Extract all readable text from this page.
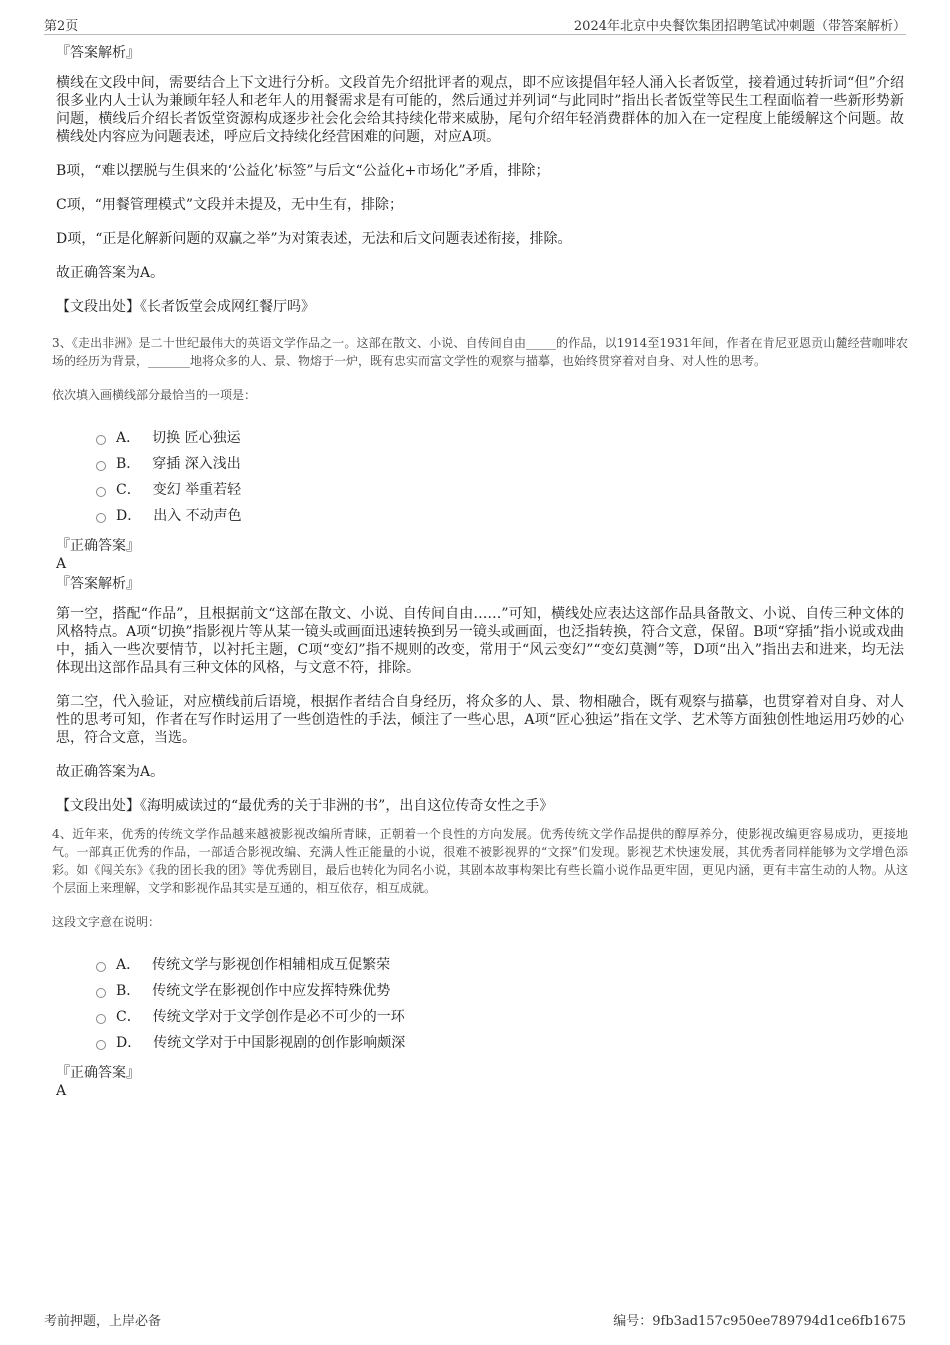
第2页	2024年北京中央餐饮集团招聘笔试冲刺题（带答案解析）

『答案解析』

横线在文段中间，需要结合上下文进行分析。文段首先介绍批评者的观点，即不应该提倡年轻人涌入长者饭堂，接着通过转折词“但”介绍很多业内人士认为兼顾年轻人和老年人的用餐需求是有可能的，然后通过并列词“与此同时”指出长者饭堂等民生工程面临着一些新形势新问题，横线后介绍长者饭堂资源构成逐步社会化会给其持续化带来威胁，尾句介绍年轻消费群体的加入在一定程度上能缓解这个问题。故横线处内容应为问题表述，呼应后文持续化经营困难的问题，对应A项。

B项，“难以摆脱与生俱来的‘公益化’标签”与后文“公益化+市场化”矛盾，排除；

C项，“用餐管理模式”文段并未提及，无中生有，排除；

D项，“正是化解新问题的双赢之举”为对策表述，无法和后文问题表述衔接，排除。

故正确答案为A。

【文段出处】《长者饭堂会成网红餐厅吗》

3、《走出非洲》是二十世纪最伟大的英语文学作品之一。这部在散文、小说、自传间自由_____的作品，以1914至1931年间，作者在肯尼亚恩贡山麓经营咖啡农场的经历为背景，_______地将众多的人、景、物熔于一炉，既有忠实而富文学性的观察与描摹，也始终贯穿着对自身、对人性的思考。

依次填入画横线部分最恰当的一项是：

A． 切换 匠心独运
B． 穿插 深入浅出
C． 变幻 举重若轻
D． 出入 不动声色

『正确答案』

A

『答案解析』

第一空，搭配“作品”，且根据前文“这部在散文、小说、自传间自由……”可知，横线处应表达这部作品具备散文、小说、自传三种文体的风格特点。A项“切换”指影视片等从某一镜头或画面迅速转换到另一镜头或画面，也泛指转换，符合文意，保留。B项“穿插”指小说或戏曲中，插入一些次要情节，以衬托主题，C项“变幻”指不规则的改变，常用于“风云变幻”“变幻莫测”等，D项“出入”指出去和进来，均无法体现出这部作品具有三种文体的风格，与文意不符，排除。

第二空，代入验证，对应横线前后语境，根据作者结合自身经历，将众多的人、景、物相融合，既有观察与描摹，也贯穿着对自身、对人性的思考可知，作者在写作时运用了一些创造性的手法，倾注了一些心思，A项“匠心独运”指在文学、艺术等方面独创性地运用巧妙的心思，符合文意，当选。

故正确答案为A。

【文段出处】《海明威读过的“最优秀的关于非洲的书”，出自这位传奇女性之手》

4、近年来，优秀的传统文学作品越来越被影视改编所青睐，正朝着一个良性的方向发展。优秀传统文学作品提供的醇厚养分，使影视改编更容易成功，更接地气。一部真正优秀的作品，一部适合影视改编、充满人性正能量的小说，很难不被影视界的“文探”们发现。影视艺术快速发展，其优秀者同样能够为文学增色添彩。如《闯关东》《我的团长我的团》等优秀剧目，最后也转化为同名小说，其剧本故事构架比有些长篇小说作品更牢固，更见内涵，更有丰富生动的人物。从这个层面上来理解，文学和影视作品其实是互通的，相互依存，相互成就。

这段文字意在说明：

A． 传统文学与影视创作相辅相成互促繁荣
B． 传统文学在影视创作中应发挥特殊优势
C． 传统文学对于文学创作是必不可少的一环
D． 传统文学对于中国影视剧的创作影响颇深

『正确答案』

A

考前押题，上岸必备	编号：9fb3ad157c950ee789794d1ce6fb1675
